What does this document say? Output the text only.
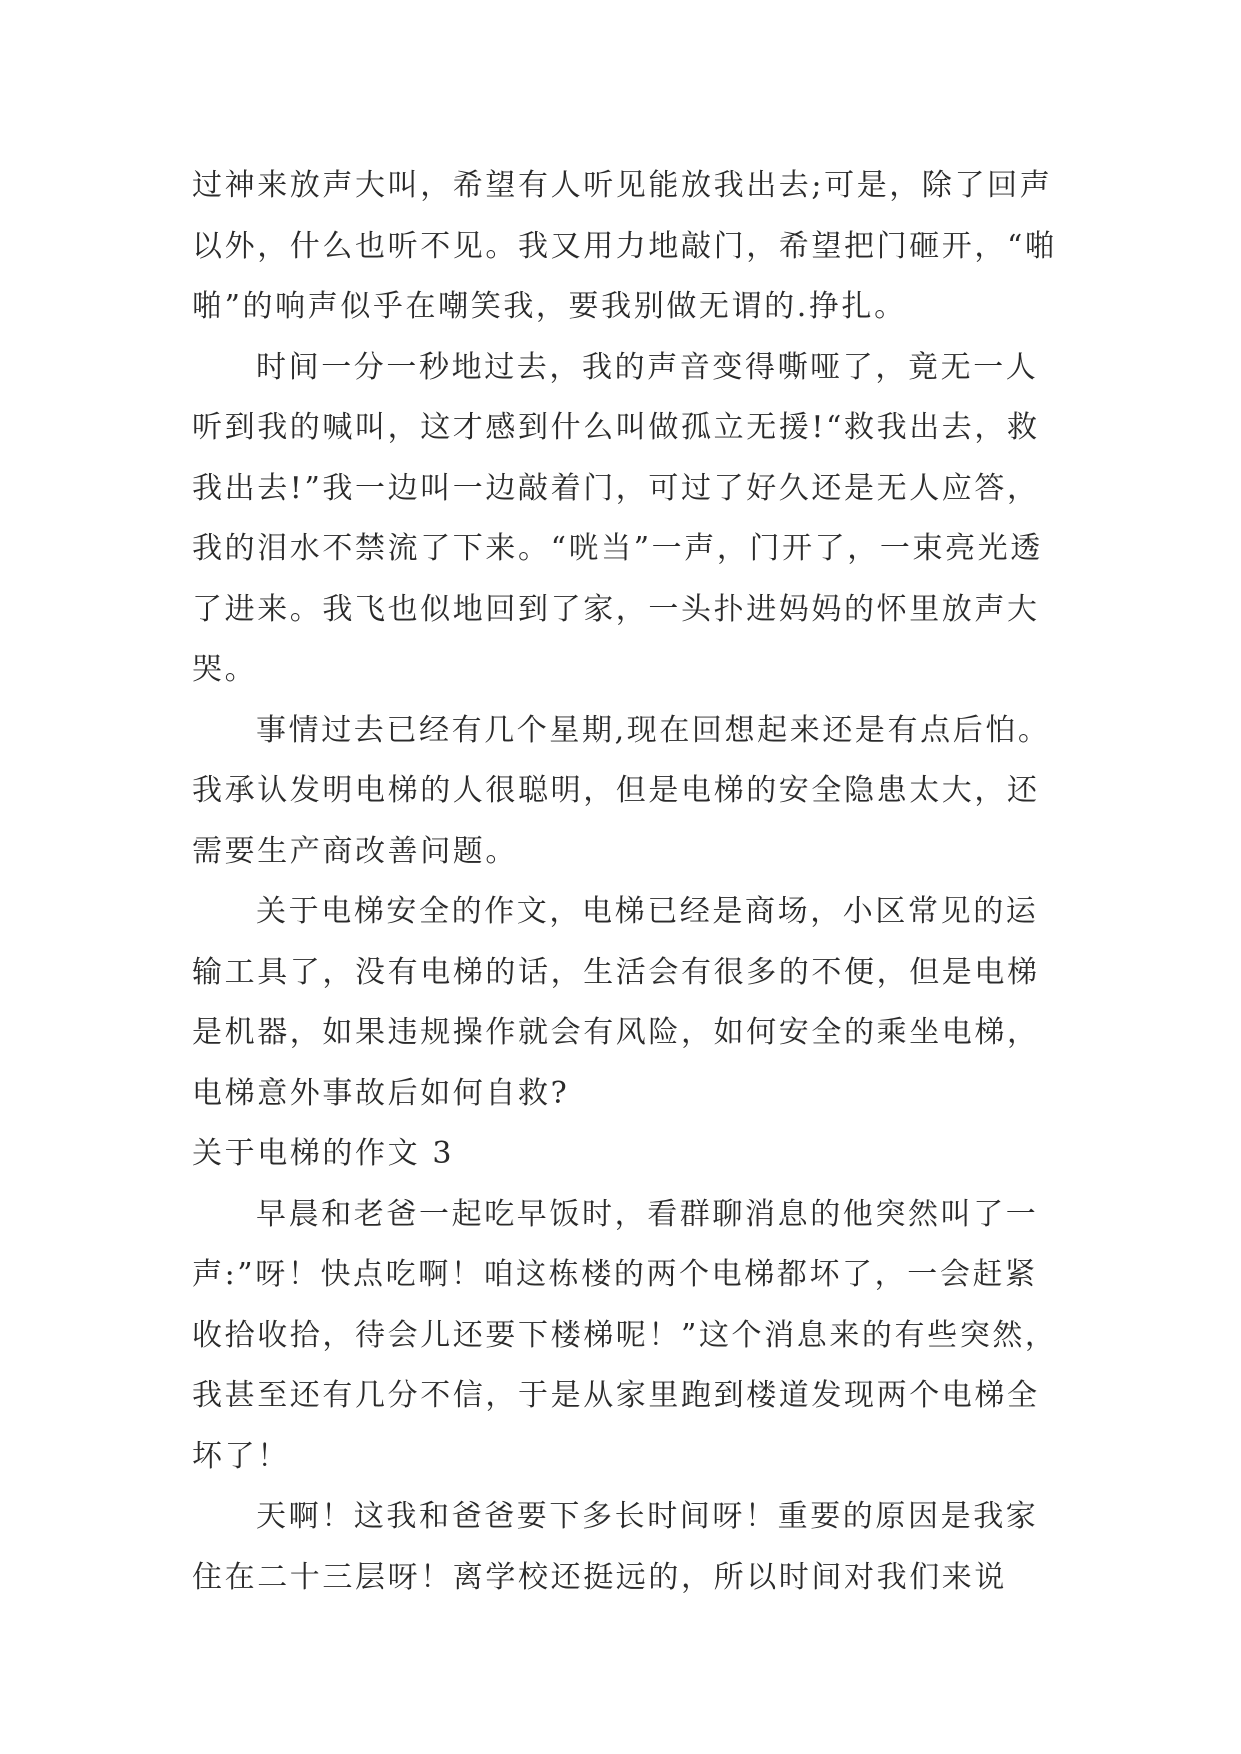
过神来放声大叫，希望有人听见能放我出去;可是，除了回声以外，什么也听不见。我又用力地敲门，希望把门砸开，“啪啪”的响声似乎在嘲笑我，要我别做无谓的.挣扎。

时间一分一秒地过去，我的声音变得嘶哑了，竟无一人听到我的喊叫，这才感到什么叫做孤立无援!“救我出去，救我出去!”我一边叫一边敲着门，可过了好久还是无人应答，我的泪水不禁流了下来。“咣当”一声，门开了，一束亮光透了进来。我飞也似地回到了家，一头扑进妈妈的怀里放声大哭。

事情过去已经有几个星期,现在回想起来还是有点后怕。我承认发明电梯的人很聪明，但是电梯的安全隐患太大，还需要生产商改善问题。

关于电梯安全的作文，电梯已经是商场，小区常见的运输工具了，没有电梯的话，生活会有很多的不便，但是电梯是机器，如果违规操作就会有风险，如何安全的乘坐电梯，电梯意外事故后如何自救?

关于电梯的作文 3

早晨和老爸一起吃早饭时，看群聊消息的他突然叫了一声:”呀！快点吃啊！咱这栋楼的两个电梯都坏了，一会赶紧收拾收拾，待会儿还要下楼梯呢！”这个消息来的有些突然，我甚至还有几分不信，于是从家里跑到楼道发现两个电梯全坏了！

天啊！这我和爸爸要下多长时间呀！重要的原因是我家住在二十三层呀！离学校还挺远的，所以时间对我们来说
